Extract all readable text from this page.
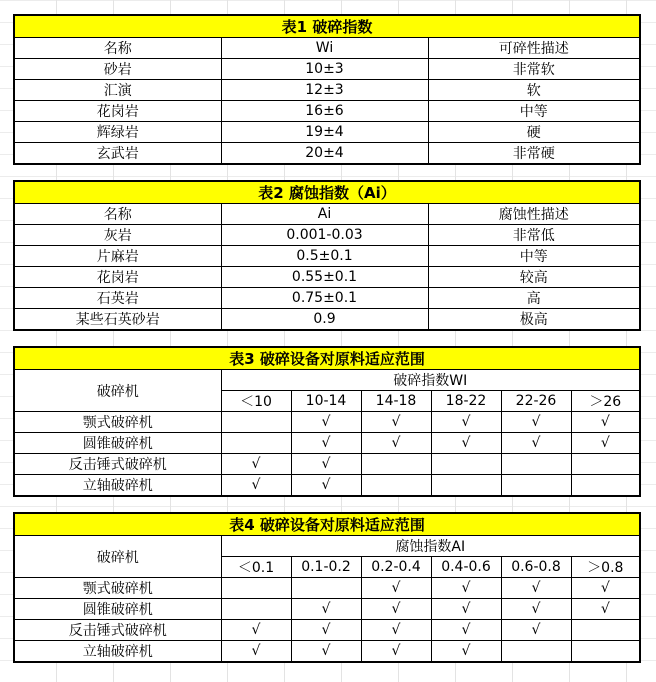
表1 破碎指数		
名称	Wi	可碎性描述
砂岩	10±3	非常软
汇演	12±3	软
花岗岩	16±6	中等
辉绿岩	19±4	硬
玄武岩	20±4	非常硬
表2 腐蚀指数（Ai）		
名称	Ai	腐蚀性描述
灰岩	0.001-0.03	非常低
片麻岩	0.5±0.1	中等
花岗岩	0.55±0.1	较高
石英岩	0.75±0.1	高
某些石英砂岩	0.9	极高
表3 破碎设备对原料适应范围						
破碎机	破碎指数WI					
	＜10	10-14	14-18	18-22	22-26	＞26
颚式破碎机		√	√	√	√	√
圆锥破碎机		√	√	√	√	√
反击锤式破碎机	√	√				
立轴破碎机	√	√				
表4 破碎设备对原料适应范围						
破碎机	腐蚀指数AI					
	＜0.1	0.1-0.2	0.2-0.4	0.4-0.6	0.6-0.8	＞0.8
颚式破碎机			√	√	√	√
圆锥破碎机		√	√	√	√	√
反击锤式破碎机	√	√	√	√	√	
立轴破碎机	√	√	√	√		
